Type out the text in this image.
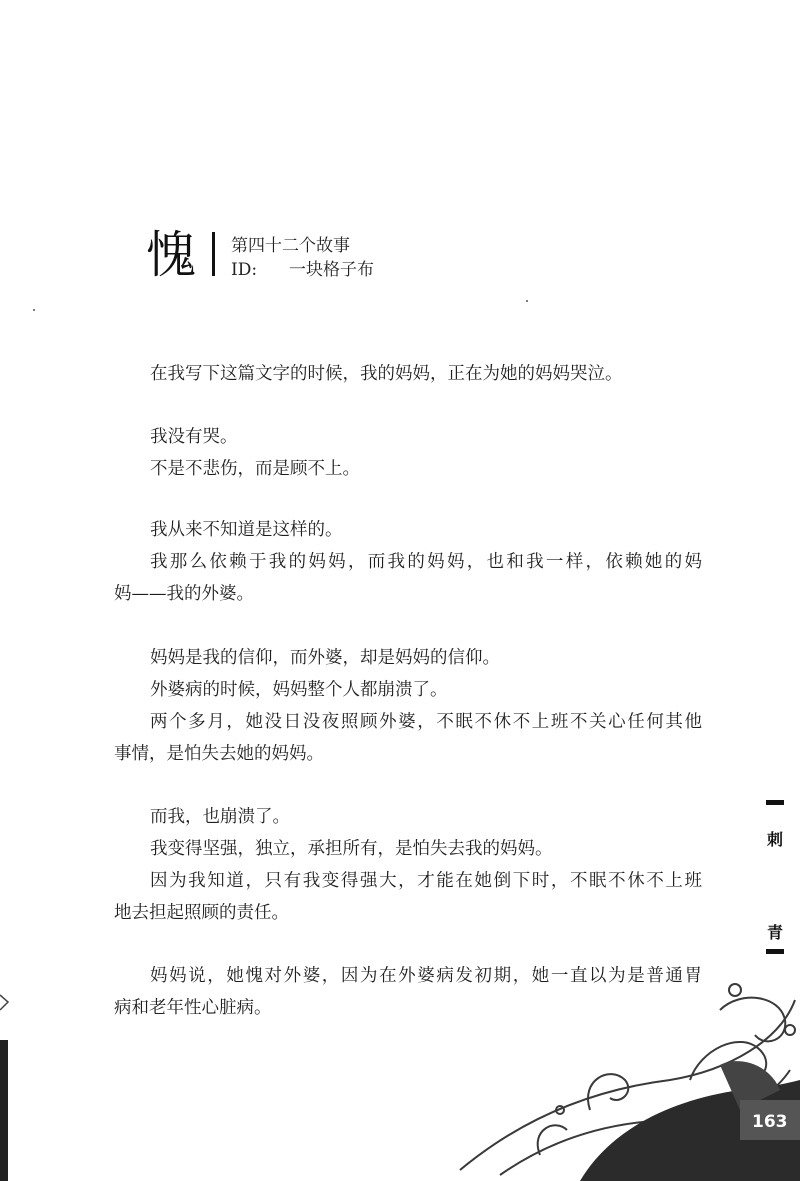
愧 第四十二个故事
ID: 一块格子布
在我写下这篇文字的时候，我的妈妈，正在为她的妈妈哭泣。
我没有哭。
不是不悲伤，而是顾不上。
我从来不知道是这样的。
我那么依赖于我的妈妈，而我的妈妈，也和我一样，依赖她的妈
妈——我的外婆。
妈妈是我的信仰，而外婆，却是妈妈的信仰。
外婆病的时候，妈妈整个人都崩溃了。
两个多月，她没日没夜照顾外婆，不眠不休不上班不关心任何其他
事情，是怕失去她的妈妈。
而我，也崩溃了。
我变得坚强，独立，承担所有，是怕失去我的妈妈。
因为我知道，只有我变得强大，才能在她倒下时，不眠不休不上班
地去担起照顾的责任。
妈妈说，她愧对外婆，因为在外婆病发初期，她一直以为是普通胃
病和老年性心脏病。
刺
青
163
